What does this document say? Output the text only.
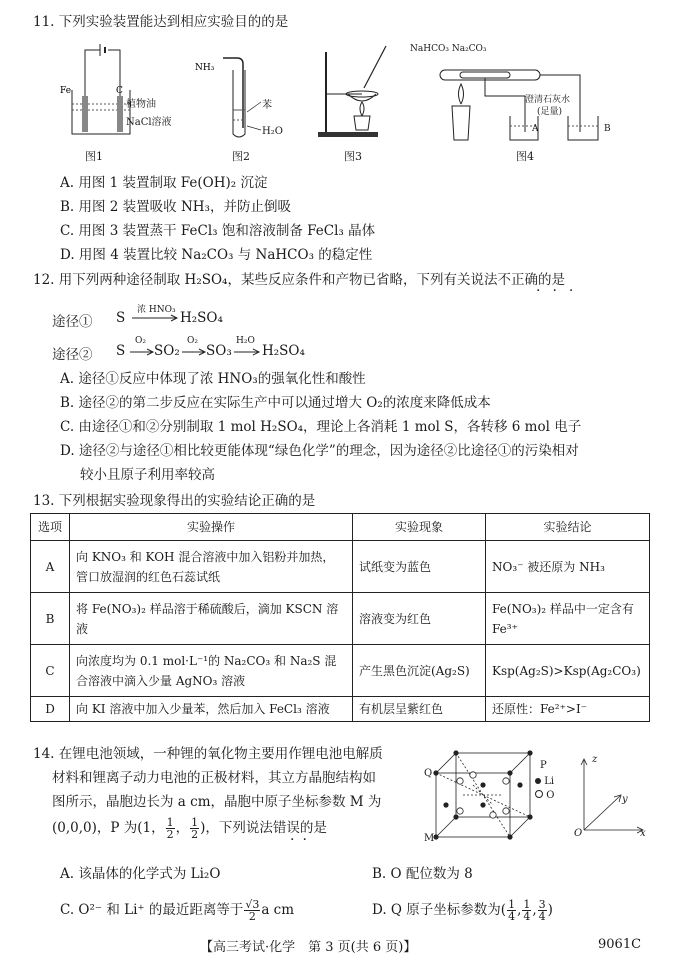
11. 下列实验装置能达到相应实验目的的是
Fe	C
植物油
NaCl溶液
图1
NH₃
苯
H₂O
图2	图3
NaHCO₃ Na₂CO₃
澄清石灰水
(足量)
A	B
图4
A. 用图 1 装置制取 Fe(OH)₂ 沉淀
B. 用图 2 装置吸收 NH₃，并防止倒吸
C. 用图 3 装置蒸干 FeCl₃ 饱和溶液制备 FeCl₃ 晶体
D. 用图 4 装置比较 Na₂CO₃ 与 NaHCO₃ 的稳定性
12. 用下列两种途径制取 H₂SO₄，某些反应条件和产物已省略，下列有关说法不正确的是
···
途径① S 浓 HNO₃ H₂SO₄
途径② S
O₂
SO₂
O₂
SO₃
H₂O
H₂SO₄
A. 途径①反应中体现了浓 HNO₃的强氧化性和酸性
B. 途径②的第二步反应在实际生产中可以通过增大 O₂的浓度来降低成本
C. 由途径①和②分别制取 1 mol H₂SO₄，理论上各消耗 1 mol S，各转移 6 mol 电子
D. 途径②与途径①相比较更能体现“绿色化学”的理念，因为途径②比途径①的污染相对
较小且原子利用率较高
13. 下列根据实验现象得出的实验结论正确的是
选项	实验操作	实验现象	实验结论
A	向 KNO₃ 和 KOH 混合溶液中加入铝粉并加热，管口放湿润的红色石蕊试纸	试纸变为蓝色	NO₃⁻ 被还原为 NH₃
B	将 Fe(NO₃)₂ 样品溶于稀硫酸后，滴加 KSCN 溶液	溶液变为红色	Fe(NO₃)₂ 样品中一定含有 Fe³⁺
C	向浓度均为 0.1 mol·L⁻¹的 Na₂CO₃ 和 Na₂S 混合溶液中滴入少量 AgNO₃ 溶液	产生黑色沉淀(Ag₂S)	Ksp(Ag₂S)>Ksp(Ag₂CO₃)
D	向 KI 溶液中加入少量苯，然后加入 FeCl₃ 溶液	有机层呈紫红色	还原性：Fe²⁺>I⁻
14. 在锂电池领域，一种锂的氧化物主要用作锂电池电解质
材料和锂离子动力电池的正极材料，其立方晶胞结构如
图所示，晶胞边长为 a cm，晶胞中原子坐标参数 M 为
(0,0,0)，P 为(1， $\frac{1}{2}$ ， $\frac{1}{2}$ )，下列说法错误的是
··
Q
P
M
Li
O
z
y
x
O
A. 该晶体的化学式为 Li₂O	B. O 配位数为 8
C. O²⁻ 和 Li⁺ 的最近距离等于 $\frac{√3}{2}$ a cm	D. Q 原子坐标参数为( $\frac{1}{4}$ , $\frac{1}{4}$ , $\frac{3}{4}$ )
【高三考试·化学　第 3 页(共 6 页)】	9061C
